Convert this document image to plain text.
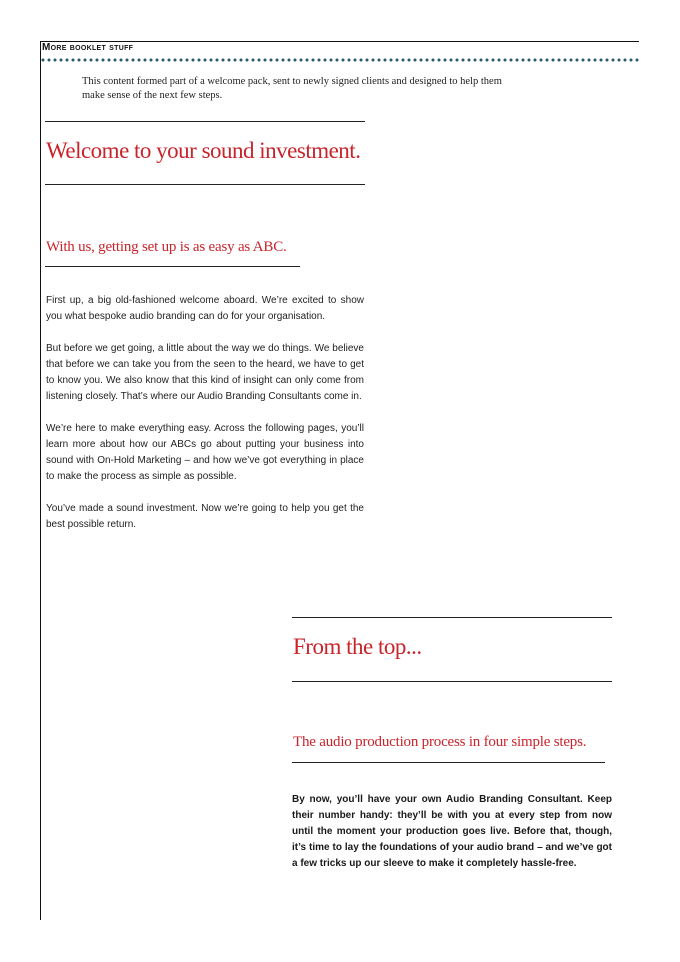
More booklet stuff
This content formed part of a welcome pack, sent to newly signed clients and designed to help them make sense of the next few steps.
Welcome to your sound investment.
With us, getting set up is as easy as ABC.

First up, a big old-fashioned welcome aboard. We’re excited to show you what bespoke audio branding can do for your organisation.

But before we get going, a little about the way we do things. We believe that before we can take you from the seen to the heard, we have to get to know you. We also know that this kind of insight can only come from listening closely. That’s where our Audio Branding Consultants come in.

We’re here to make everything easy. Across the following pages, you’ll learn more about how our ABCs go about putting your business into sound with On-Hold Marketing – and how we’ve got everything in place to make the process as simple as possible.

You’ve made a sound investment. Now we’re going to help you get the best possible return.

From the top...
The audio production process in four simple steps.
By now, you’ll have your own Audio Branding Consultant. Keep their number handy: they’ll be with you at every step from now until the moment your production goes live. Before that, though, it’s time to lay the foundations of your audio brand – and we’ve got a few tricks up our sleeve to make it completely hassle-free.
